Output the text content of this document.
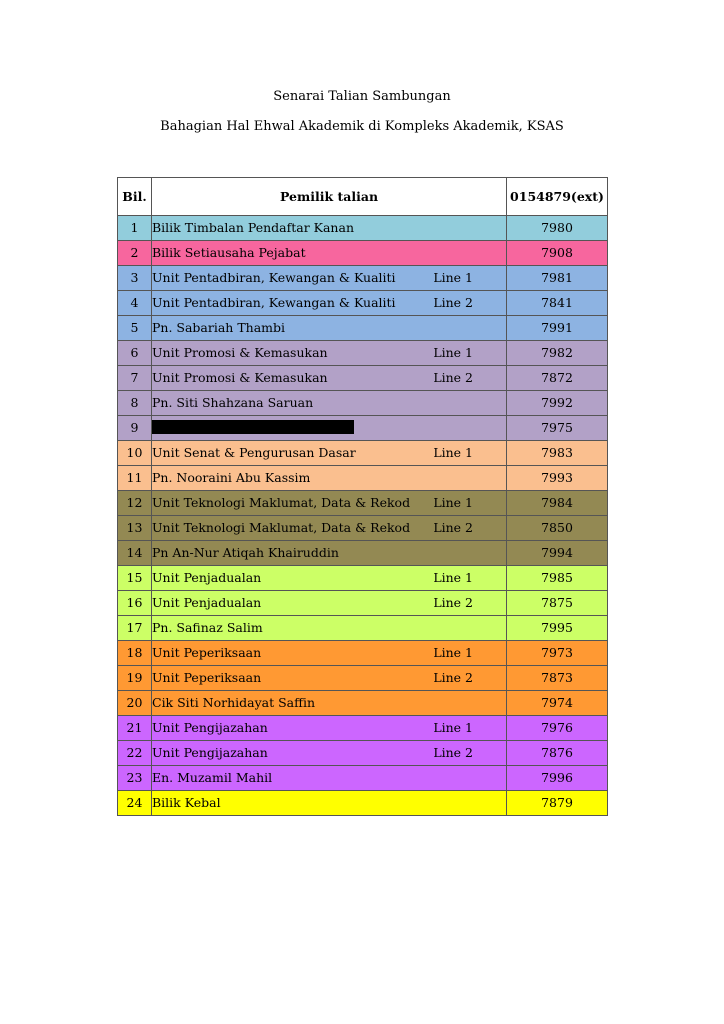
Senarai Talian Sambungan
Bahagian Hal Ehwal Akademik di Kompleks Akademik, KSAS
Bil.	Pemilik talian	0154879(ext)
1	Bilik Timbalan Pendaftar Kanan	7980
2	Bilik Setiausaha Pejabat	7908
3	Unit Pentadbiran, Kewangan & Kualiti Line 1	7981
4	Unit Pentadbiran, Kewangan & Kualiti Line 2	7841
5	Pn. Sabariah Thambi	7991
6	Unit Promosi & Kemasukan Line 1	7982
7	Unit Promosi & Kemasukan Line 2	7872
8	Pn. Siti Shahzana Saruan	7992
9		7975
10	Unit Senat & Pengurusan Dasar Line 1	7983
11	Pn. Nooraini Abu Kassim	7993
12	Unit Teknologi Maklumat, Data & Rekod Line 1	7984
13	Unit Teknologi Maklumat, Data & Rekod Line 2	7850
14	Pn An-Nur Atiqah Khairuddin	7994
15	Unit Penjadualan Line 1	7985
16	Unit Penjadualan Line 2	7875
17	Pn. Safinaz Salim	7995
18	Unit Peperiksaan Line 1	7973
19	Unit Peperiksaan Line 2	7873
20	Cik Siti Norhidayat Saffin	7974
21	Unit Pengijazahan Line 1	7976
22	Unit Pengijazahan Line 2	7876
23	En. Muzamil Mahil	7996
24	Bilik Kebal	7879
